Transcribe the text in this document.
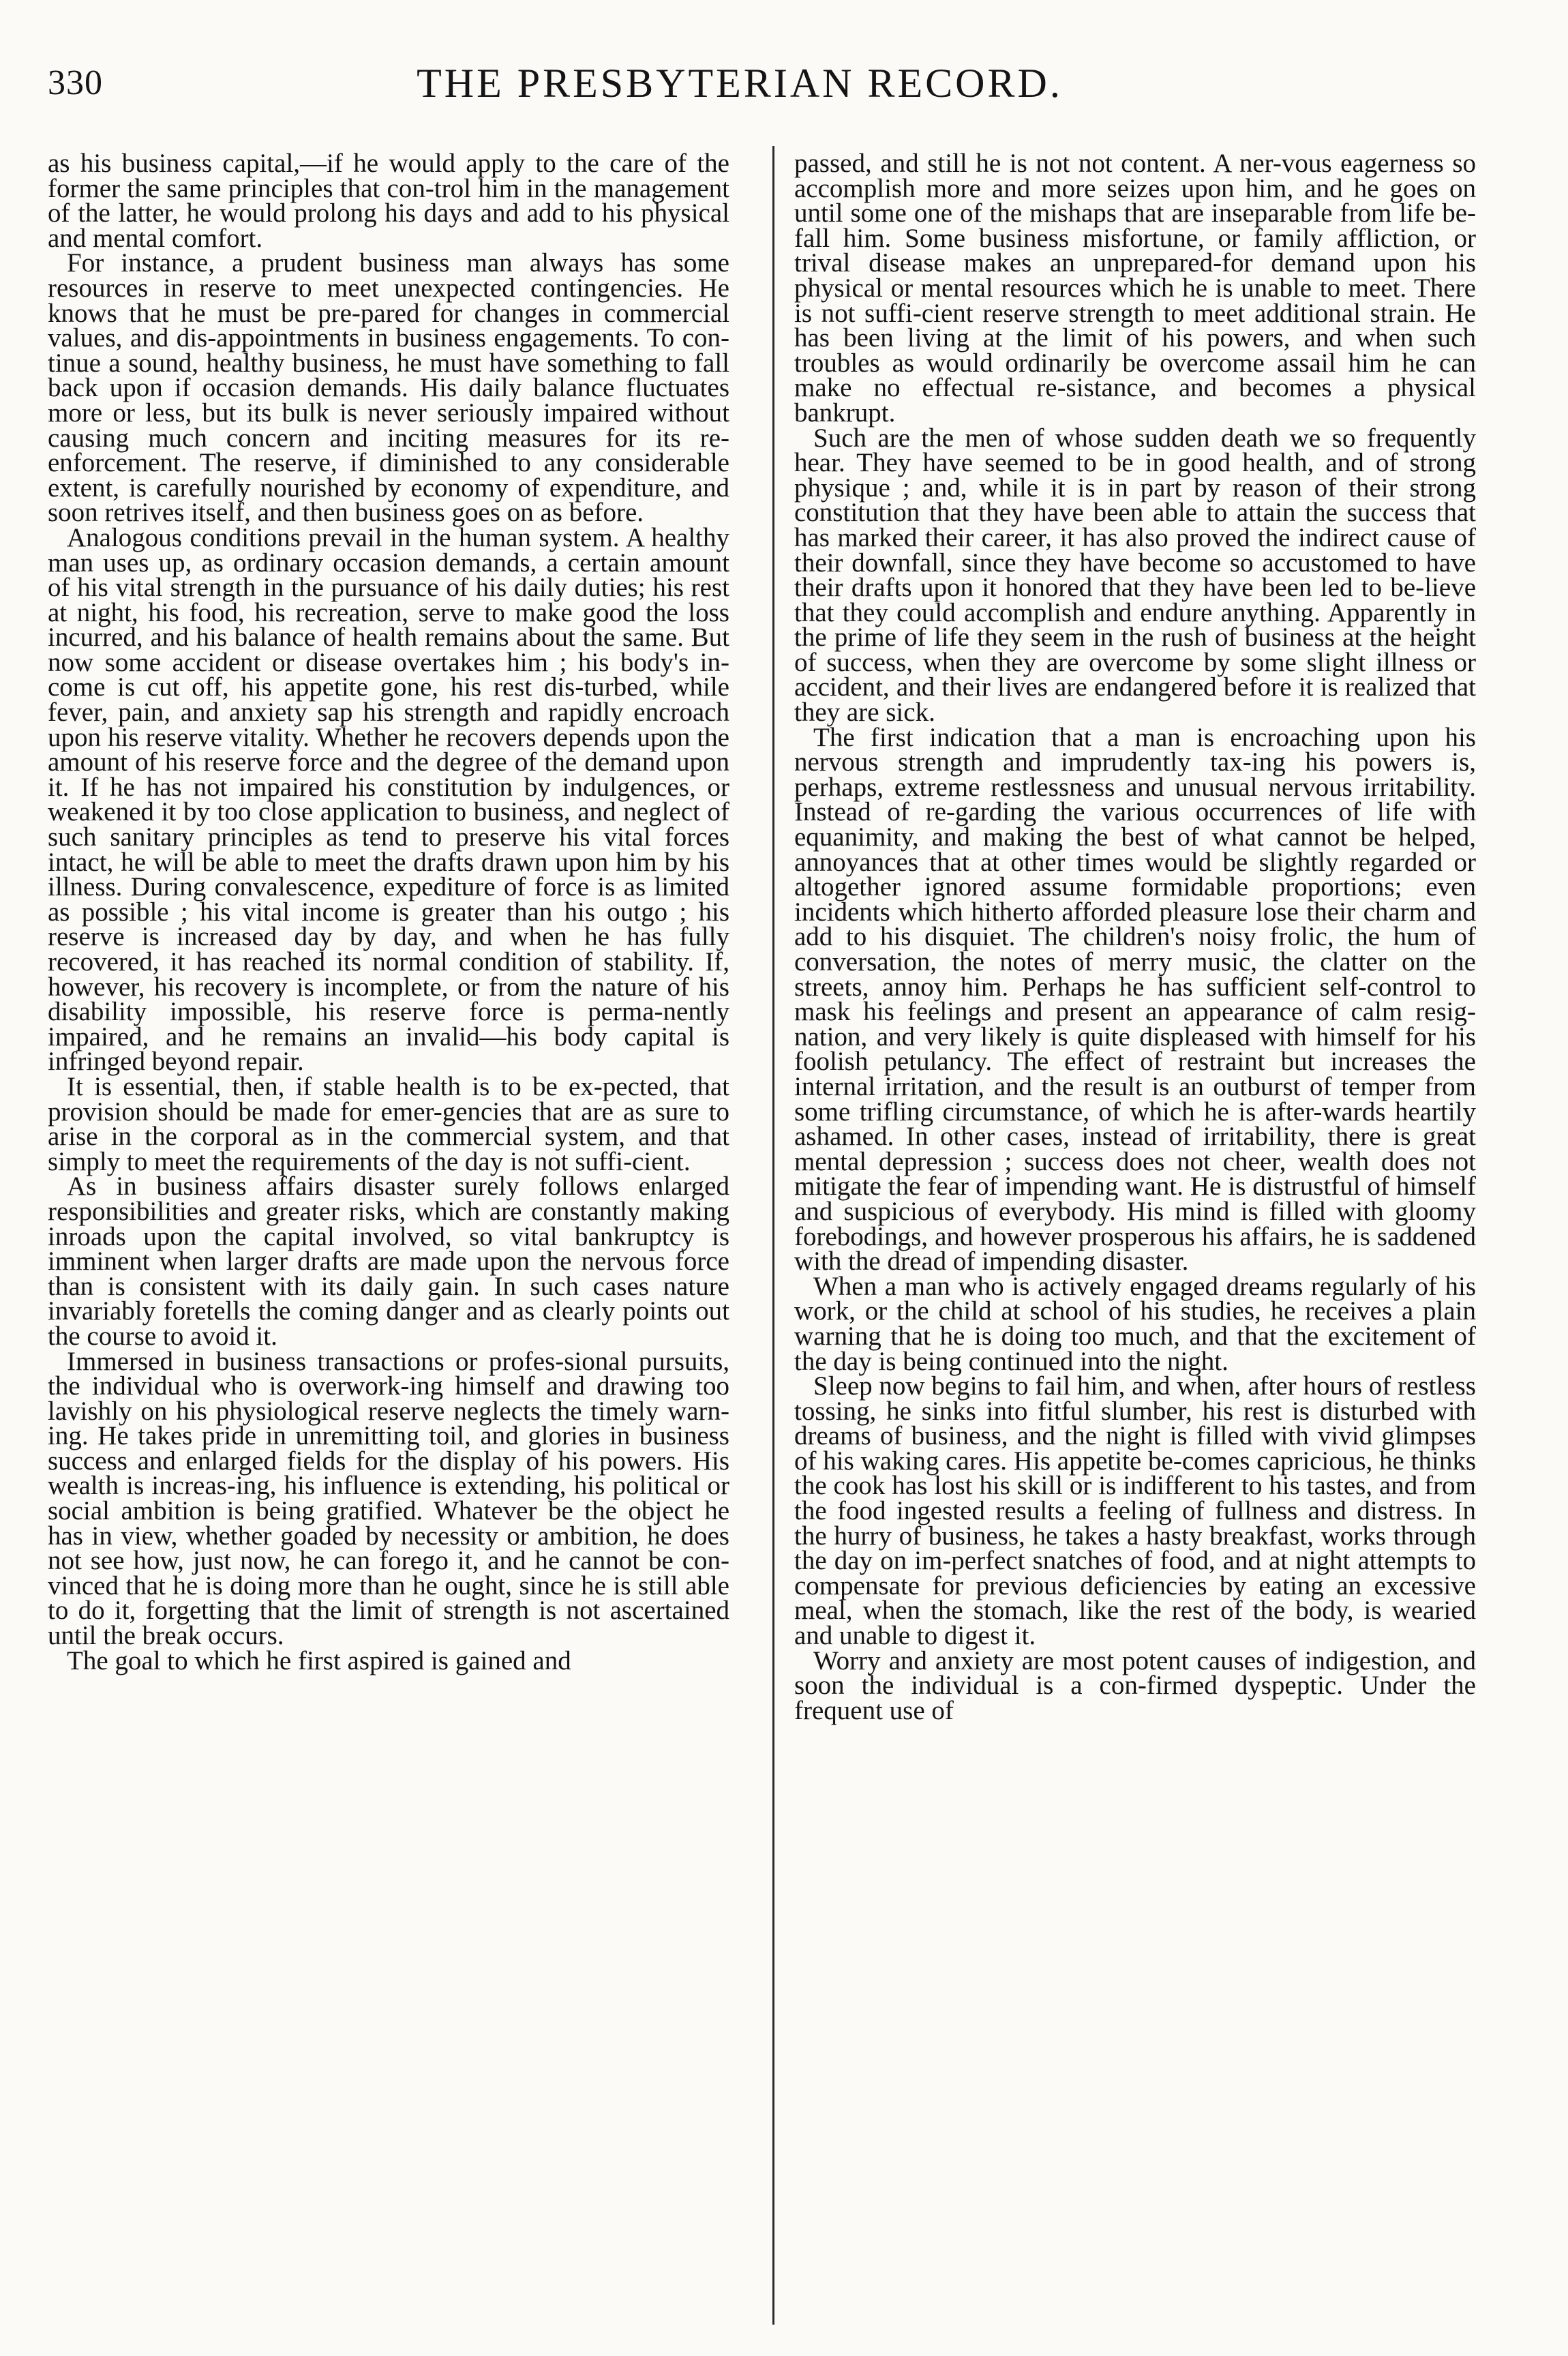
330	THE PRESBYTERIAN RECORD.

as his business capital,—if he would apply to the care of the former the same principles that con-trol him in the management of the latter, he would prolong his days and add to his physical and mental comfort.

For instance, a prudent business man always has some resources in reserve to meet unexpected contingencies. He knows that he must be pre-pared for changes in commercial values, and dis-appointments in business engagements. To con-tinue a sound, healthy business, he must have something to fall back upon if occasion demands. His daily balance fluctuates more or less, but its bulk is never seriously impaired without causing much concern and inciting measures for its re-enforcement. The reserve, if diminished to any considerable extent, is carefully nourished by economy of expenditure, and soon retrives itself, and then business goes on as before.

Analogous conditions prevail in the human system. A healthy man uses up, as ordinary occasion demands, a certain amount of his vital strength in the pursuance of his daily duties; his rest at night, his food, his recreation, serve to make good the loss incurred, and his balance of health remains about the same. But now some accident or disease overtakes him ; his body's in-come is cut off, his appetite gone, his rest dis-turbed, while fever, pain, and anxiety sap his strength and rapidly encroach upon his reserve vitality. Whether he recovers depends upon the amount of his reserve force and the degree of the demand upon it. If he has not impaired his constitution by indulgences, or weakened it by too close application to business, and neglect of such sanitary principles as tend to preserve his vital forces intact, he will be able to meet the drafts drawn upon him by his illness. During convalescence, expediture of force is as limited as possible ; his vital income is greater than his outgo ; his reserve is increased day by day, and when he has fully recovered, it has reached its normal condition of stability. If, however, his recovery is incomplete, or from the nature of his disability impossible, his reserve force is perma-nently impaired, and he remains an invalid—his body capital is infringed beyond repair.

It is essential, then, if stable health is to be ex-pected, that provision should be made for emer-gencies that are as sure to arise in the corporal as in the commercial system, and that simply to meet the requirements of the day is not suffi-cient.

As in business affairs disaster surely follows enlarged responsibilities and greater risks, which are constantly making inroads upon the capital involved, so vital bankruptcy is imminent when larger drafts are made upon the nervous force than is consistent with its daily gain. In such cases nature invariably foretells the coming danger and as clearly points out the course to avoid it.

Immersed in business transactions or profes-sional pursuits, the individual who is overwork-ing himself and drawing too lavishly on his physiological reserve neglects the timely warn-ing. He takes pride in unremitting toil, and glories in business success and enlarged fields for the display of his powers. His wealth is increas-ing, his influence is extending, his political or social ambition is being gratified. Whatever be the object he has in view, whether goaded by necessity or ambition, he does not see how, just now, he can forego it, and he cannot be con-vinced that he is doing more than he ought, since he is still able to do it, forgetting that the limit of strength is not ascertained until the break occurs.

The goal to which he first aspired is gained and

passed, and still he is not not content. A ner-vous eagerness so accomplish more and more seizes upon him, and he goes on until some one of the mishaps that are inseparable from life be-fall him. Some business misfortune, or family affliction, or trival disease makes an unprepared-for demand upon his physical or mental resources which he is unable to meet. There is not suffi-cient reserve strength to meet additional strain. He has been living at the limit of his powers, and when such troubles as would ordinarily be overcome assail him he can make no effectual re-sistance, and becomes a physical bankrupt.

Such are the men of whose sudden death we so frequently hear. They have seemed to be in good health, and of strong physique ; and, while it is in part by reason of their strong constitution that they have been able to attain the success that has marked their career, it has also proved the indirect cause of their downfall, since they have become so accustomed to have their drafts upon it honored that they have been led to be-lieve that they could accomplish and endure anything. Apparently in the prime of life they seem in the rush of business at the height of success, when they are overcome by some slight illness or accident, and their lives are endangered before it is realized that they are sick.

The first indication that a man is encroaching upon his nervous strength and imprudently tax-ing his powers is, perhaps, extreme restlessness and unusual nervous irritability. Instead of re-garding the various occurrences of life with equanimity, and making the best of what cannot be helped, annoyances that at other times would be slightly regarded or altogether ignored assume formidable proportions; even incidents which hitherto afforded pleasure lose their charm and add to his disquiet. The children's noisy frolic, the hum of conversation, the notes of merry music, the clatter on the streets, annoy him. Perhaps he has sufficient self-control to mask his feelings and present an appearance of calm resig-nation, and very likely is quite displeased with himself for his foolish petulancy. The effect of restraint but increases the internal irritation, and the result is an outburst of temper from some trifling circumstance, of which he is after-wards heartily ashamed. In other cases, instead of irritability, there is great mental depression ; success does not cheer, wealth does not mitigate the fear of impending want. He is distrustful of himself and suspicious of everybody. His mind is filled with gloomy forebodings, and however prosperous his affairs, he is saddened with the dread of impending disaster.

When a man who is actively engaged dreams regularly of his work, or the child at school of his studies, he receives a plain warning that he is doing too much, and that the excitement of the day is being continued into the night.

Sleep now begins to fail him, and when, after hours of restless tossing, he sinks into fitful slumber, his rest is disturbed with dreams of business, and the night is filled with vivid glimpses of his waking cares. His appetite be-comes capricious, he thinks the cook has lost his skill or is indifferent to his tastes, and from the food ingested results a feeling of fullness and distress. In the hurry of business, he takes a hasty breakfast, works through the day on im-perfect snatches of food, and at night attempts to compensate for previous deficiencies by eating an excessive meal, when the stomach, like the rest of the body, is wearied and unable to digest it.

Worry and anxiety are most potent causes of indigestion, and soon the individual is a con-firmed dyspeptic. Under the frequent use of
